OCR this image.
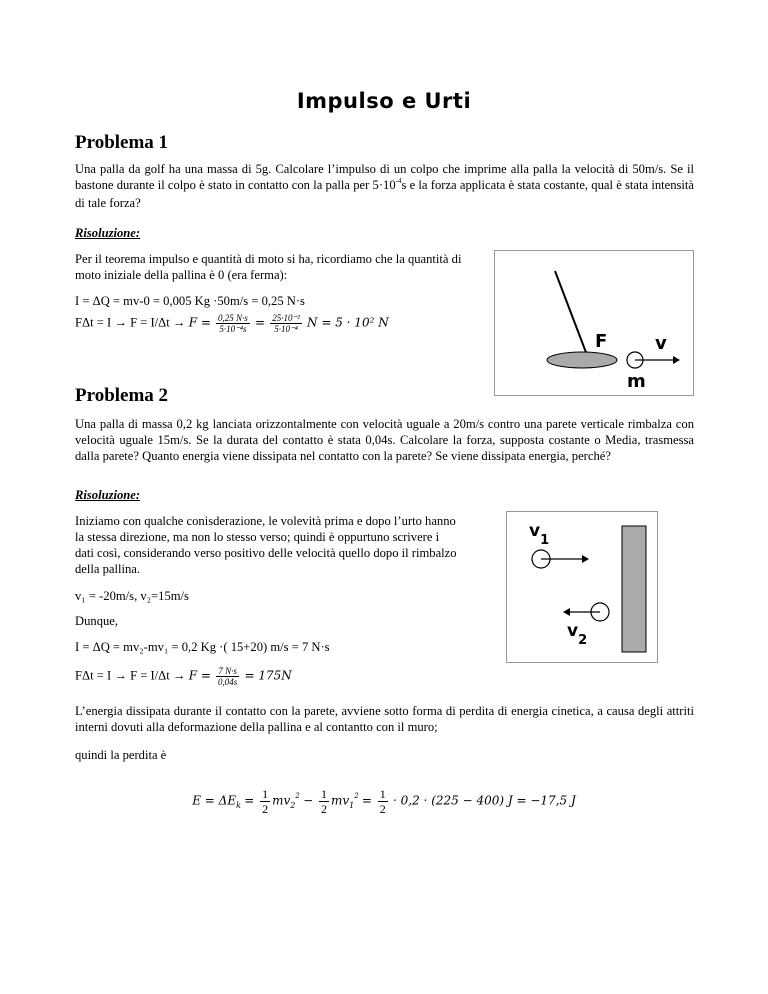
Impulso e Urti
Problema 1
Una palla da golf ha una massa di 5g. Calcolare l’impulso di un colpo che imprime alla palla la velocità di 50m/s. Se il bastone durante il colpo è stato in contatto con la palla per $5\cdot 10^{-4}s$ e la forza applicata è stata costante, qual è stata intensità di tale forza?
Risoluzione:
Per il teorema impulso e quantità di moto si ha, ricordiamo che la quantità di moto iniziale della pallina è 0 (era ferma):
I = ΔQ = mv-0 = 0,005 Kg ·50m/s = 0,25 N·s
$F\Delta t = I \to F = I/\Delta t \to F = \frac{0,25 N\cdot s}{\text{5·10⁻⁴s}} = \frac{\text{25·10⁻²}}{\text{5·10⁻⁴}}$ N = 5 · 10² N
F	v
m
Problema 2
Una palla di massa 0,2 kg lanciata orizzontalmente con velocità uguale a 20m/s contro una parete verticale rimbalza con velocità uguale 15m/s. Se la durata del contatto è stata 0,04s. Calcolare la forza, supposta costante o Media, trasmessa dalla parete? Quanto energia viene dissipata nel contatto con la parete? Se viene dissipata energia, perché?
Risoluzione:
Iniziamo con qualche conisderazione, le volevità prima e dopo l’urto hanno la stessa direzione, ma non lo stesso verso; quindi è oppurtuno scrivere i dati così, considerando verso positivo delle velocità quello dopo il rimbalzo della pallina.
v₁ = -20m/s, v₂=15m/s
Dunque,
I = ΔQ = mv₂-mv₁ = 0,2 Kg ·( 15+20) m/s = 7 N·s
$F\Delta t = I \to F = I/\Delta t \to F = \frac{7 N\cdot s}{0,04s} = 175N$
$v_1$
$v_2$
L’energia dissipata durante il contatto con la parete, avviene sotto forma di perdita di energia cinetica, a causa degli attriti interni dovuti alla deformazione della pallina e al contantto con il muro;
quindi la perdita è
$E = \Delta E_k = \frac{1}{2} mv_2^2 - \frac{1}{2} mv_1^2 = \frac{1}{2} \cdot 0,2 \cdot (225 - 400) J = -17,5$ J
